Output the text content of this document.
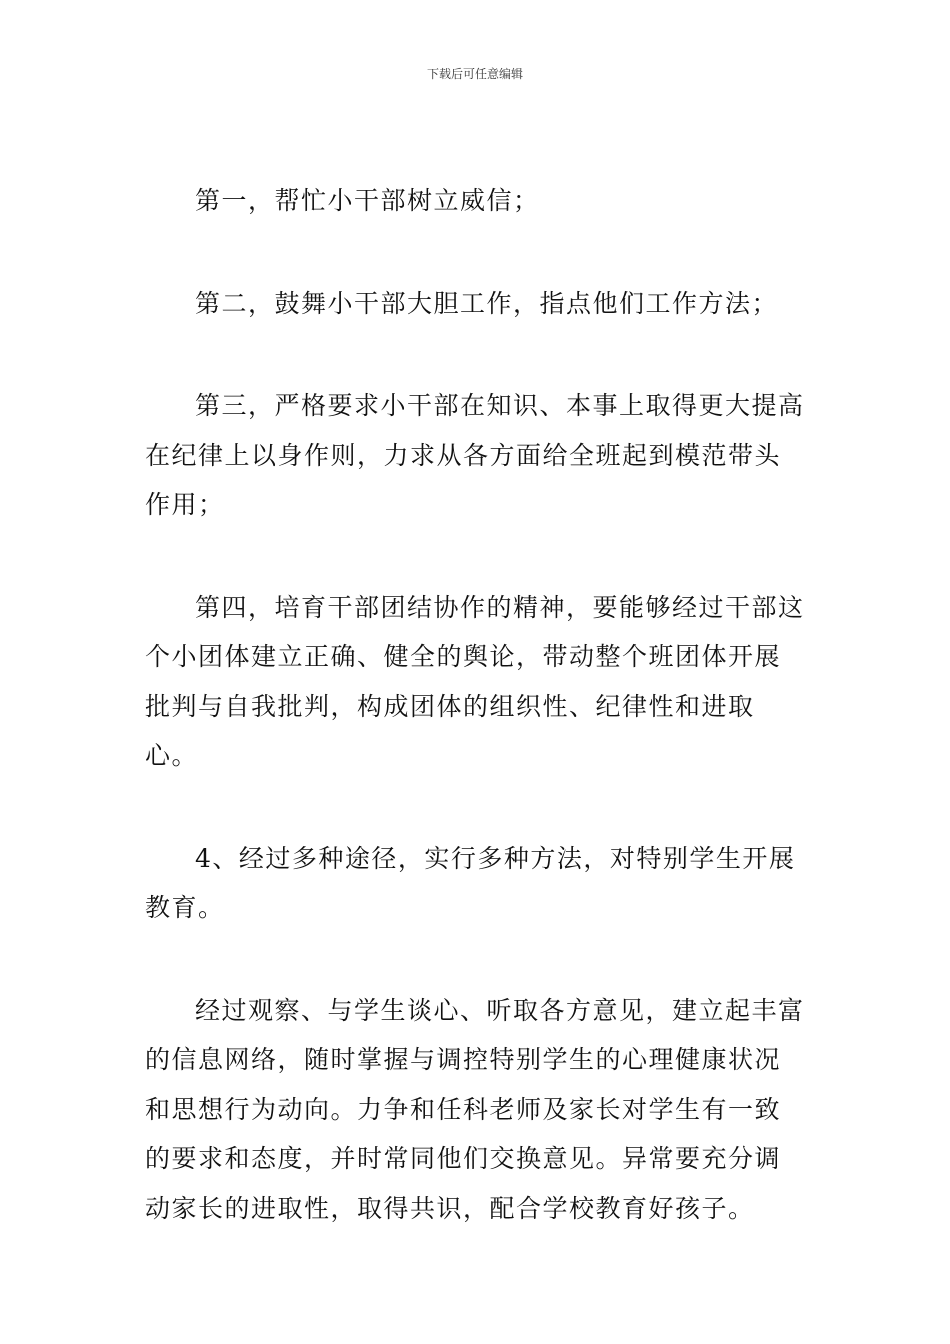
下载后可任意编辑

第一，帮忙小干部树立威信；

第二，鼓舞小干部大胆工作，指点他们工作方法；

第三，严格要求小干部在知识、本事上取得更大提高在纪律上以身作则，力求从各方面给全班起到模范带头作用；

第四，培育干部团结协作的精神，要能够经过干部这个小团体建立正确、健全的舆论，带动整个班团体开展批判与自我批判，构成团体的组织性、纪律性和进取心。

4、经过多种途径，实行多种方法，对特别学生开展教育。

经过观察、与学生谈心、听取各方意见，建立起丰富的信息网络，随时掌握与调控特别学生的心理健康状况和思想行为动向。力争和任科老师及家长对学生有一致的要求和态度，并时常同他们交换意见。异常要充分调动家长的进取性，取得共识，配合学校教育好孩子。
